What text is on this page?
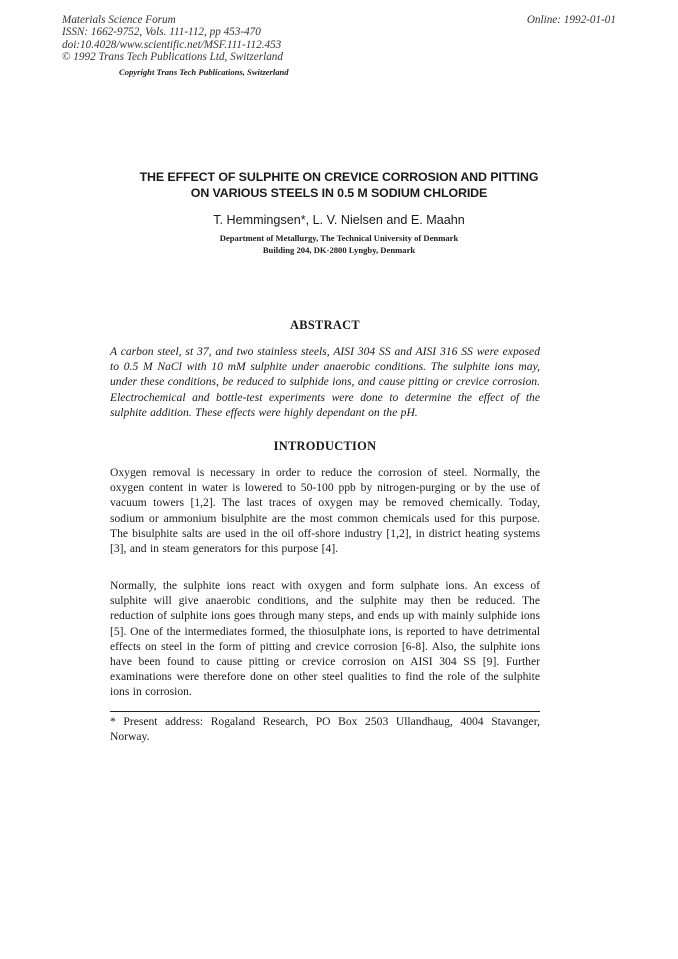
Materials Science Forum
ISSN: 1662-9752, Vols. 111-112, pp 453-470
doi:10.4028/www.scientific.net/MSF.111-112.453
© 1992 Trans Tech Publications Ltd, Switzerland
Copyright Trans Tech Publications, Switzerland
Online: 1992-01-01
THE EFFECT OF SULPHITE ON CREVICE CORROSION AND PITTING
ON VARIOUS STEELS IN 0.5 M SODIUM CHLORIDE
T. Hemmingsen*, L. V. Nielsen and E. Maahn
Department of Metallurgy, The Technical University of Denmark
Building 204, DK-2800 Lyngby, Denmark
ABSTRACT
A carbon steel, st 37, and two stainless steels, AISI 304 SS and AISI 316 SS were exposed to 0.5 M NaCl with 10 mM sulphite under anaerobic conditions. The sulphite ions may, under these conditions, be reduced to sulphide ions, and cause pitting or crevice corrosion. Electrochemical and bottle-test experiments were done to determine the effect of the sulphite addition. These effects were highly dependant on the pH.
INTRODUCTION
Oxygen removal is necessary in order to reduce the corrosion of steel. Normally, the oxygen content in water is lowered to 50-100 ppb by nitrogen-purging or by the use of vacuum towers [1,2]. The last traces of oxygen may be removed chemically. Today, sodium or ammonium bisulphite are the most common chemicals used for this purpose. The bisulphite salts are used in the oil off-shore industry [1,2], in district heating systems [3], and in steam generators for this purpose [4].
Normally, the sulphite ions react with oxygen and form sulphate ions. An excess of sulphite will give anaerobic conditions, and the sulphite may then be reduced. The reduction of sulphite ions goes through many steps, and ends up with mainly sulphide ions [5]. One of the intermediates formed, the thiosulphate ions, is reported to have detrimental effects on steel in the form of pitting and crevice corrosion [6-8]. Also, the sulphite ions have been found to cause pitting or crevice corrosion on AISI 304 SS [9]. Further examinations were therefore done on other steel qualities to find the role of the sulphite ions in corrosion.
* Present address: Rogaland Research, PO Box 2503 Ullandhaug, 4004 Stavanger, Norway.
